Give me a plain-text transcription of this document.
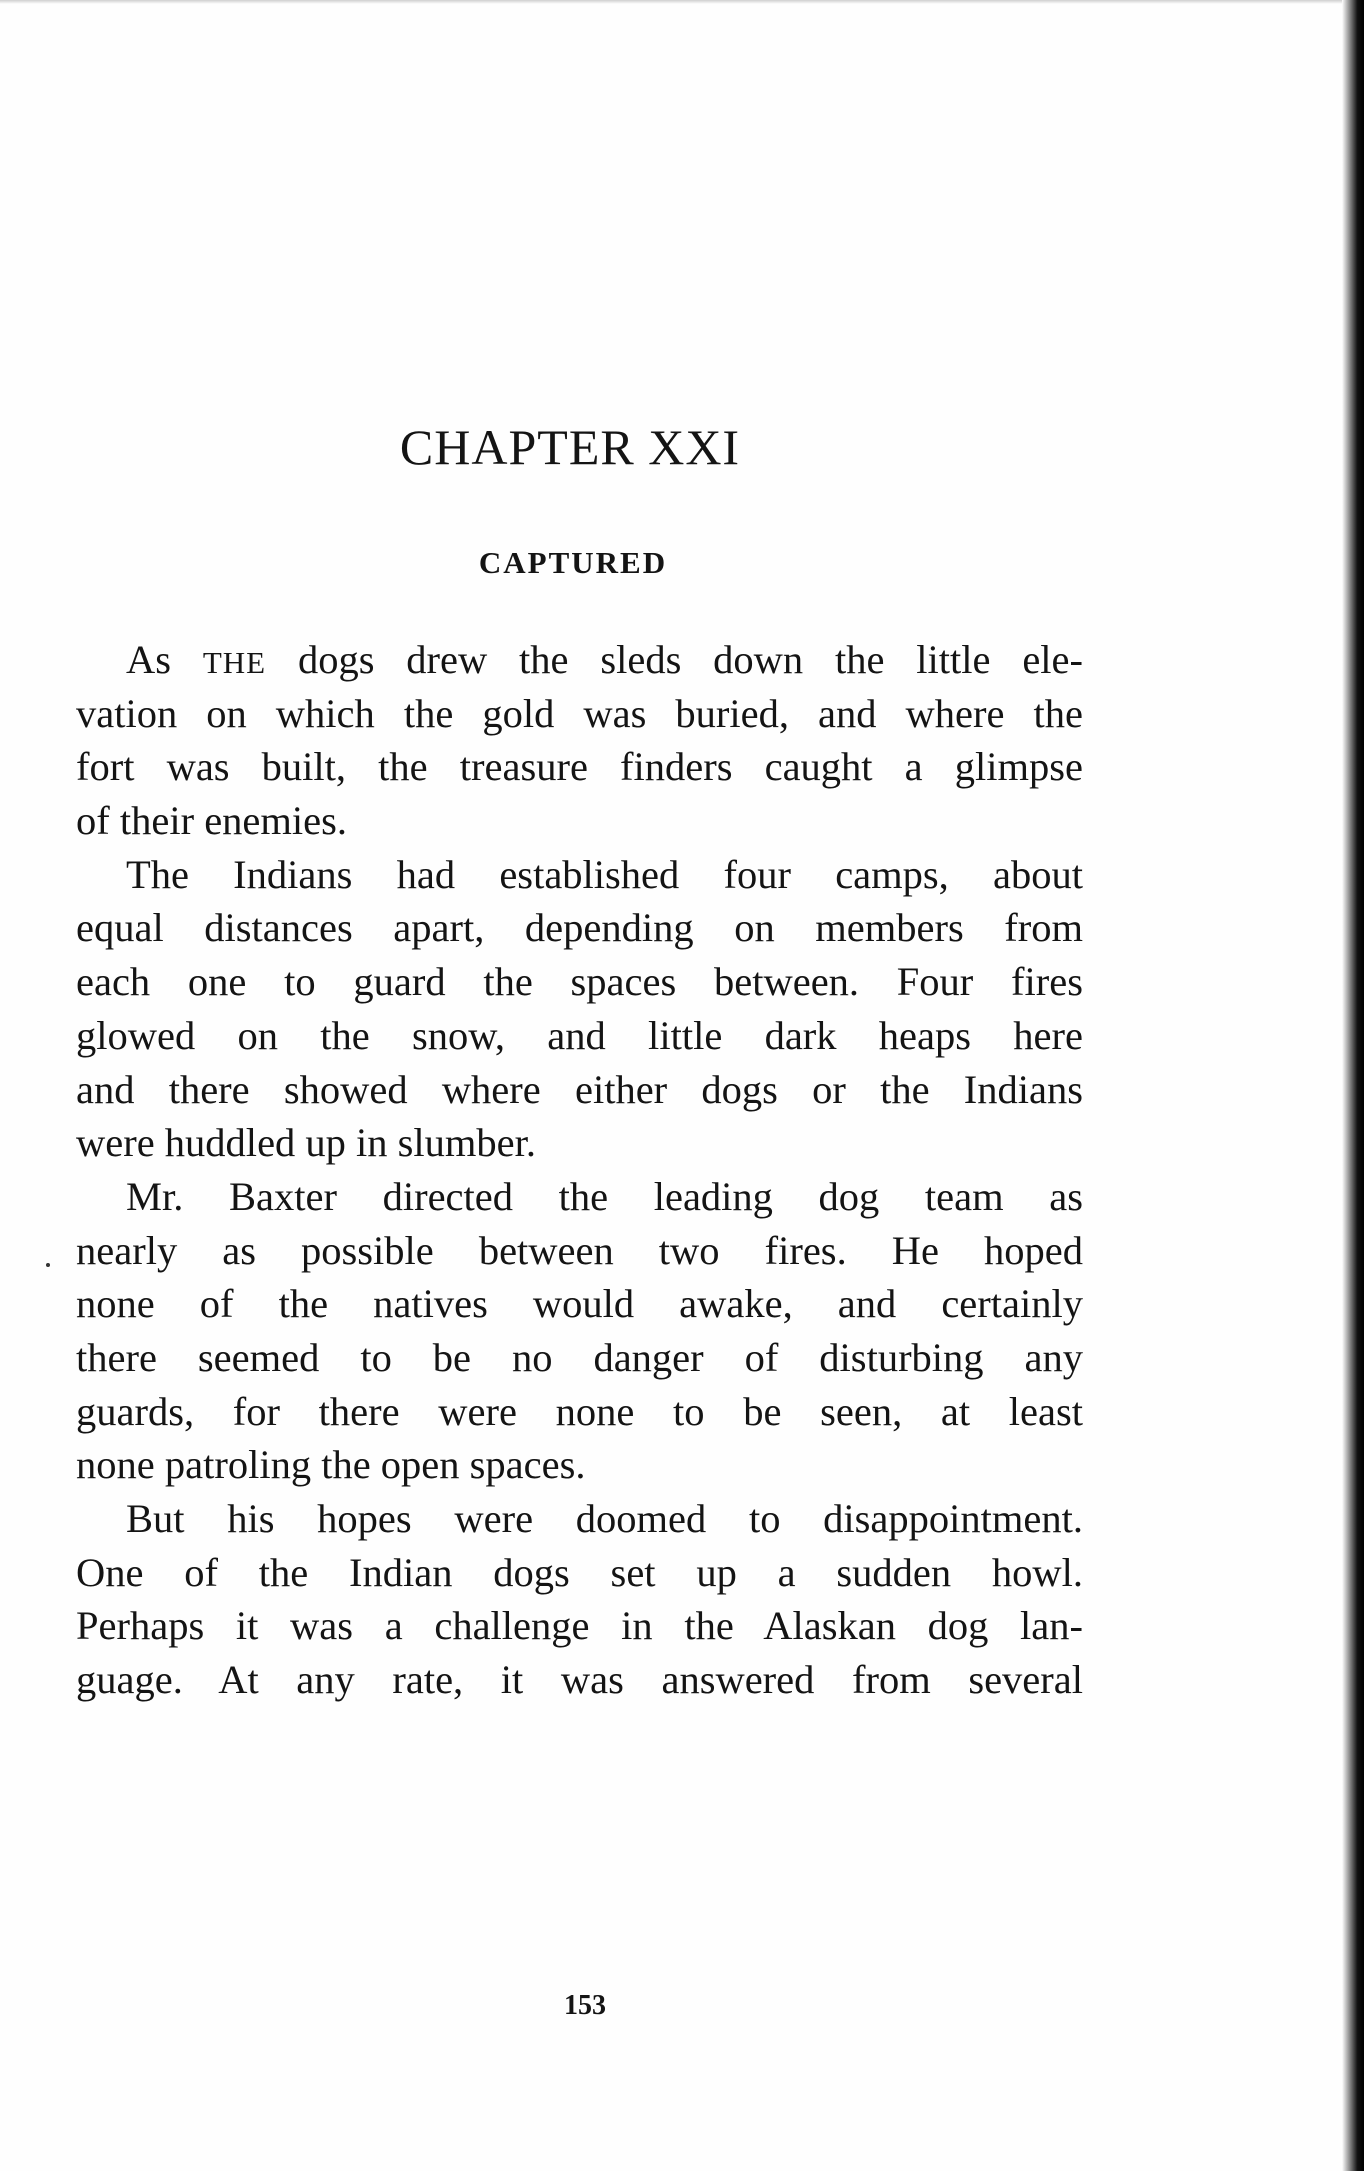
CHAPTER XXI
CAPTURED
As THE dogs drew the sleds down the little ele-
vation on which the gold was buried, and where the
fort was built, the treasure finders caught a glimpse
of their enemies.
The Indians had established four camps, about
equal distances apart, depending on members from
each one to guard the spaces between. Four fires
glowed on the snow, and little dark heaps here
and there showed where either dogs or the Indians
were huddled up in slumber.
Mr. Baxter directed the leading dog team as
nearly as possible between two fires. He hoped
none of the natives would awake, and certainly
there seemed to be no danger of disturbing any
guards, for there were none to be seen, at least
none patroling the open spaces.
But his hopes were doomed to disappointment.
One of the Indian dogs set up a sudden howl.
Perhaps it was a challenge in the Alaskan dog lan-
guage. At any rate, it was answered from several

153
